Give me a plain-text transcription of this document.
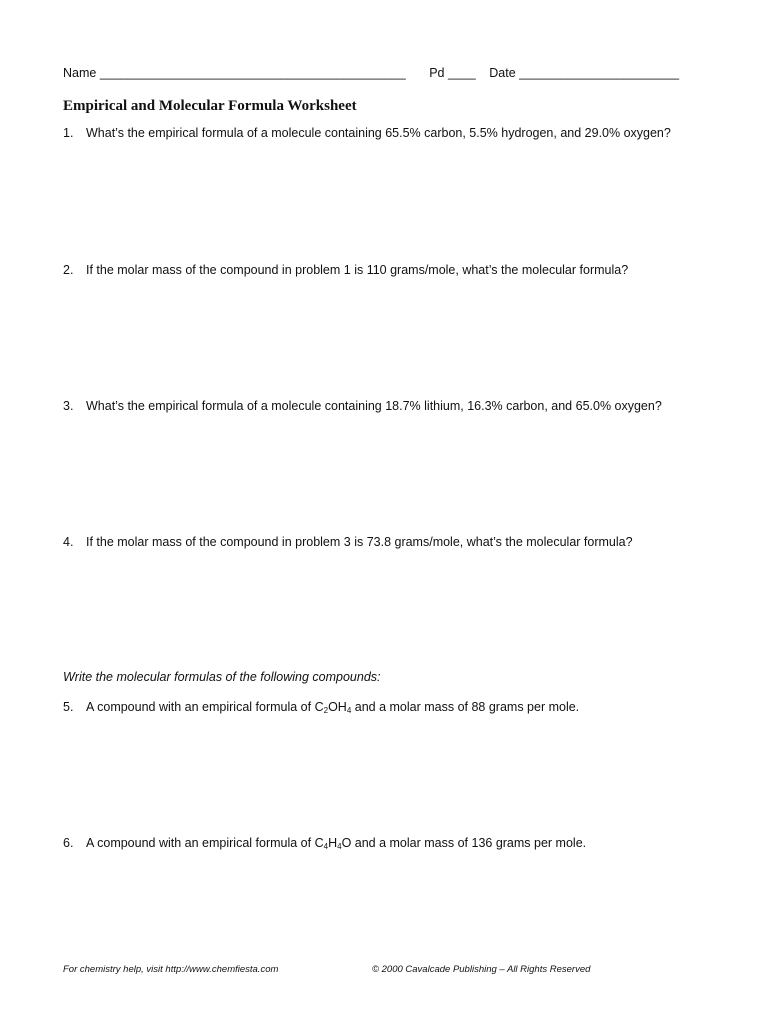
Name ____________________________________________ Pd ____ Date _______________________
Empirical and Molecular Formula Worksheet
1. What’s the empirical formula of a molecule containing 65.5% carbon, 5.5% hydrogen, and 29.0% oxygen?
2. If the molar mass of the compound in problem 1 is 110 grams/mole, what’s the molecular formula?
3. What’s the empirical formula of a molecule containing 18.7% lithium, 16.3% carbon, and 65.0% oxygen?
4. If the molar mass of the compound in problem 3 is 73.8 grams/mole, what’s the molecular formula?
Write the molecular formulas of the following compounds:
5. A compound with an empirical formula of $C_2OH_4$ and a molar mass of 88 grams per mole.
6. A compound with an empirical formula of $C_4H_4O$ and a molar mass of 136 grams per mole.
For chemistry help, visit http://www.chemfiesta.com	© 2000 Cavalcade Publishing – All Rights Reserved
